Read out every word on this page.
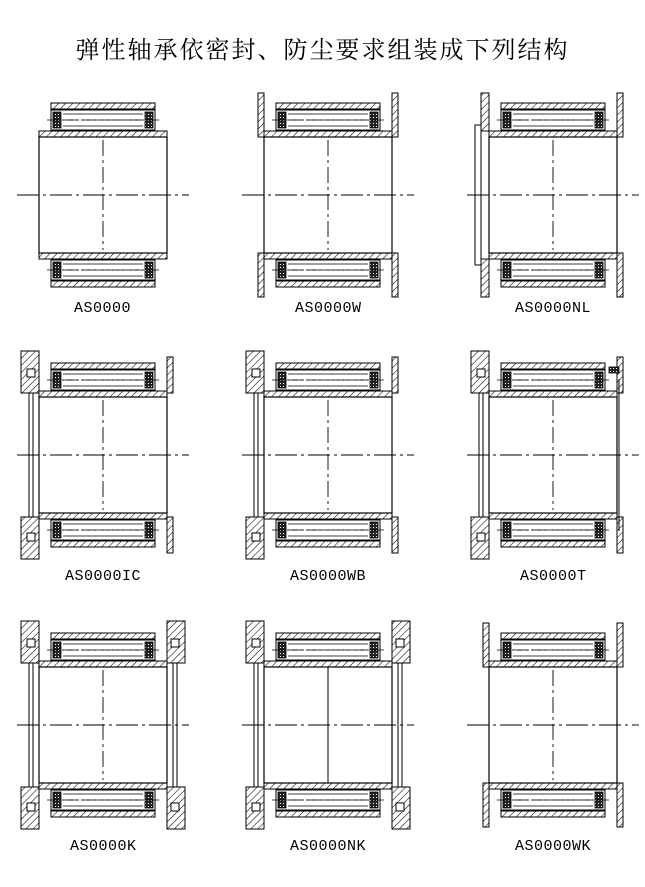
弹性轴承依密封、防尘要求组装成下列结构
AS0000	AS0000W	AS0000NL
AS0000IC	AS0000WB	AS0000T
AS0000K	AS0000NK	AS0000WK
